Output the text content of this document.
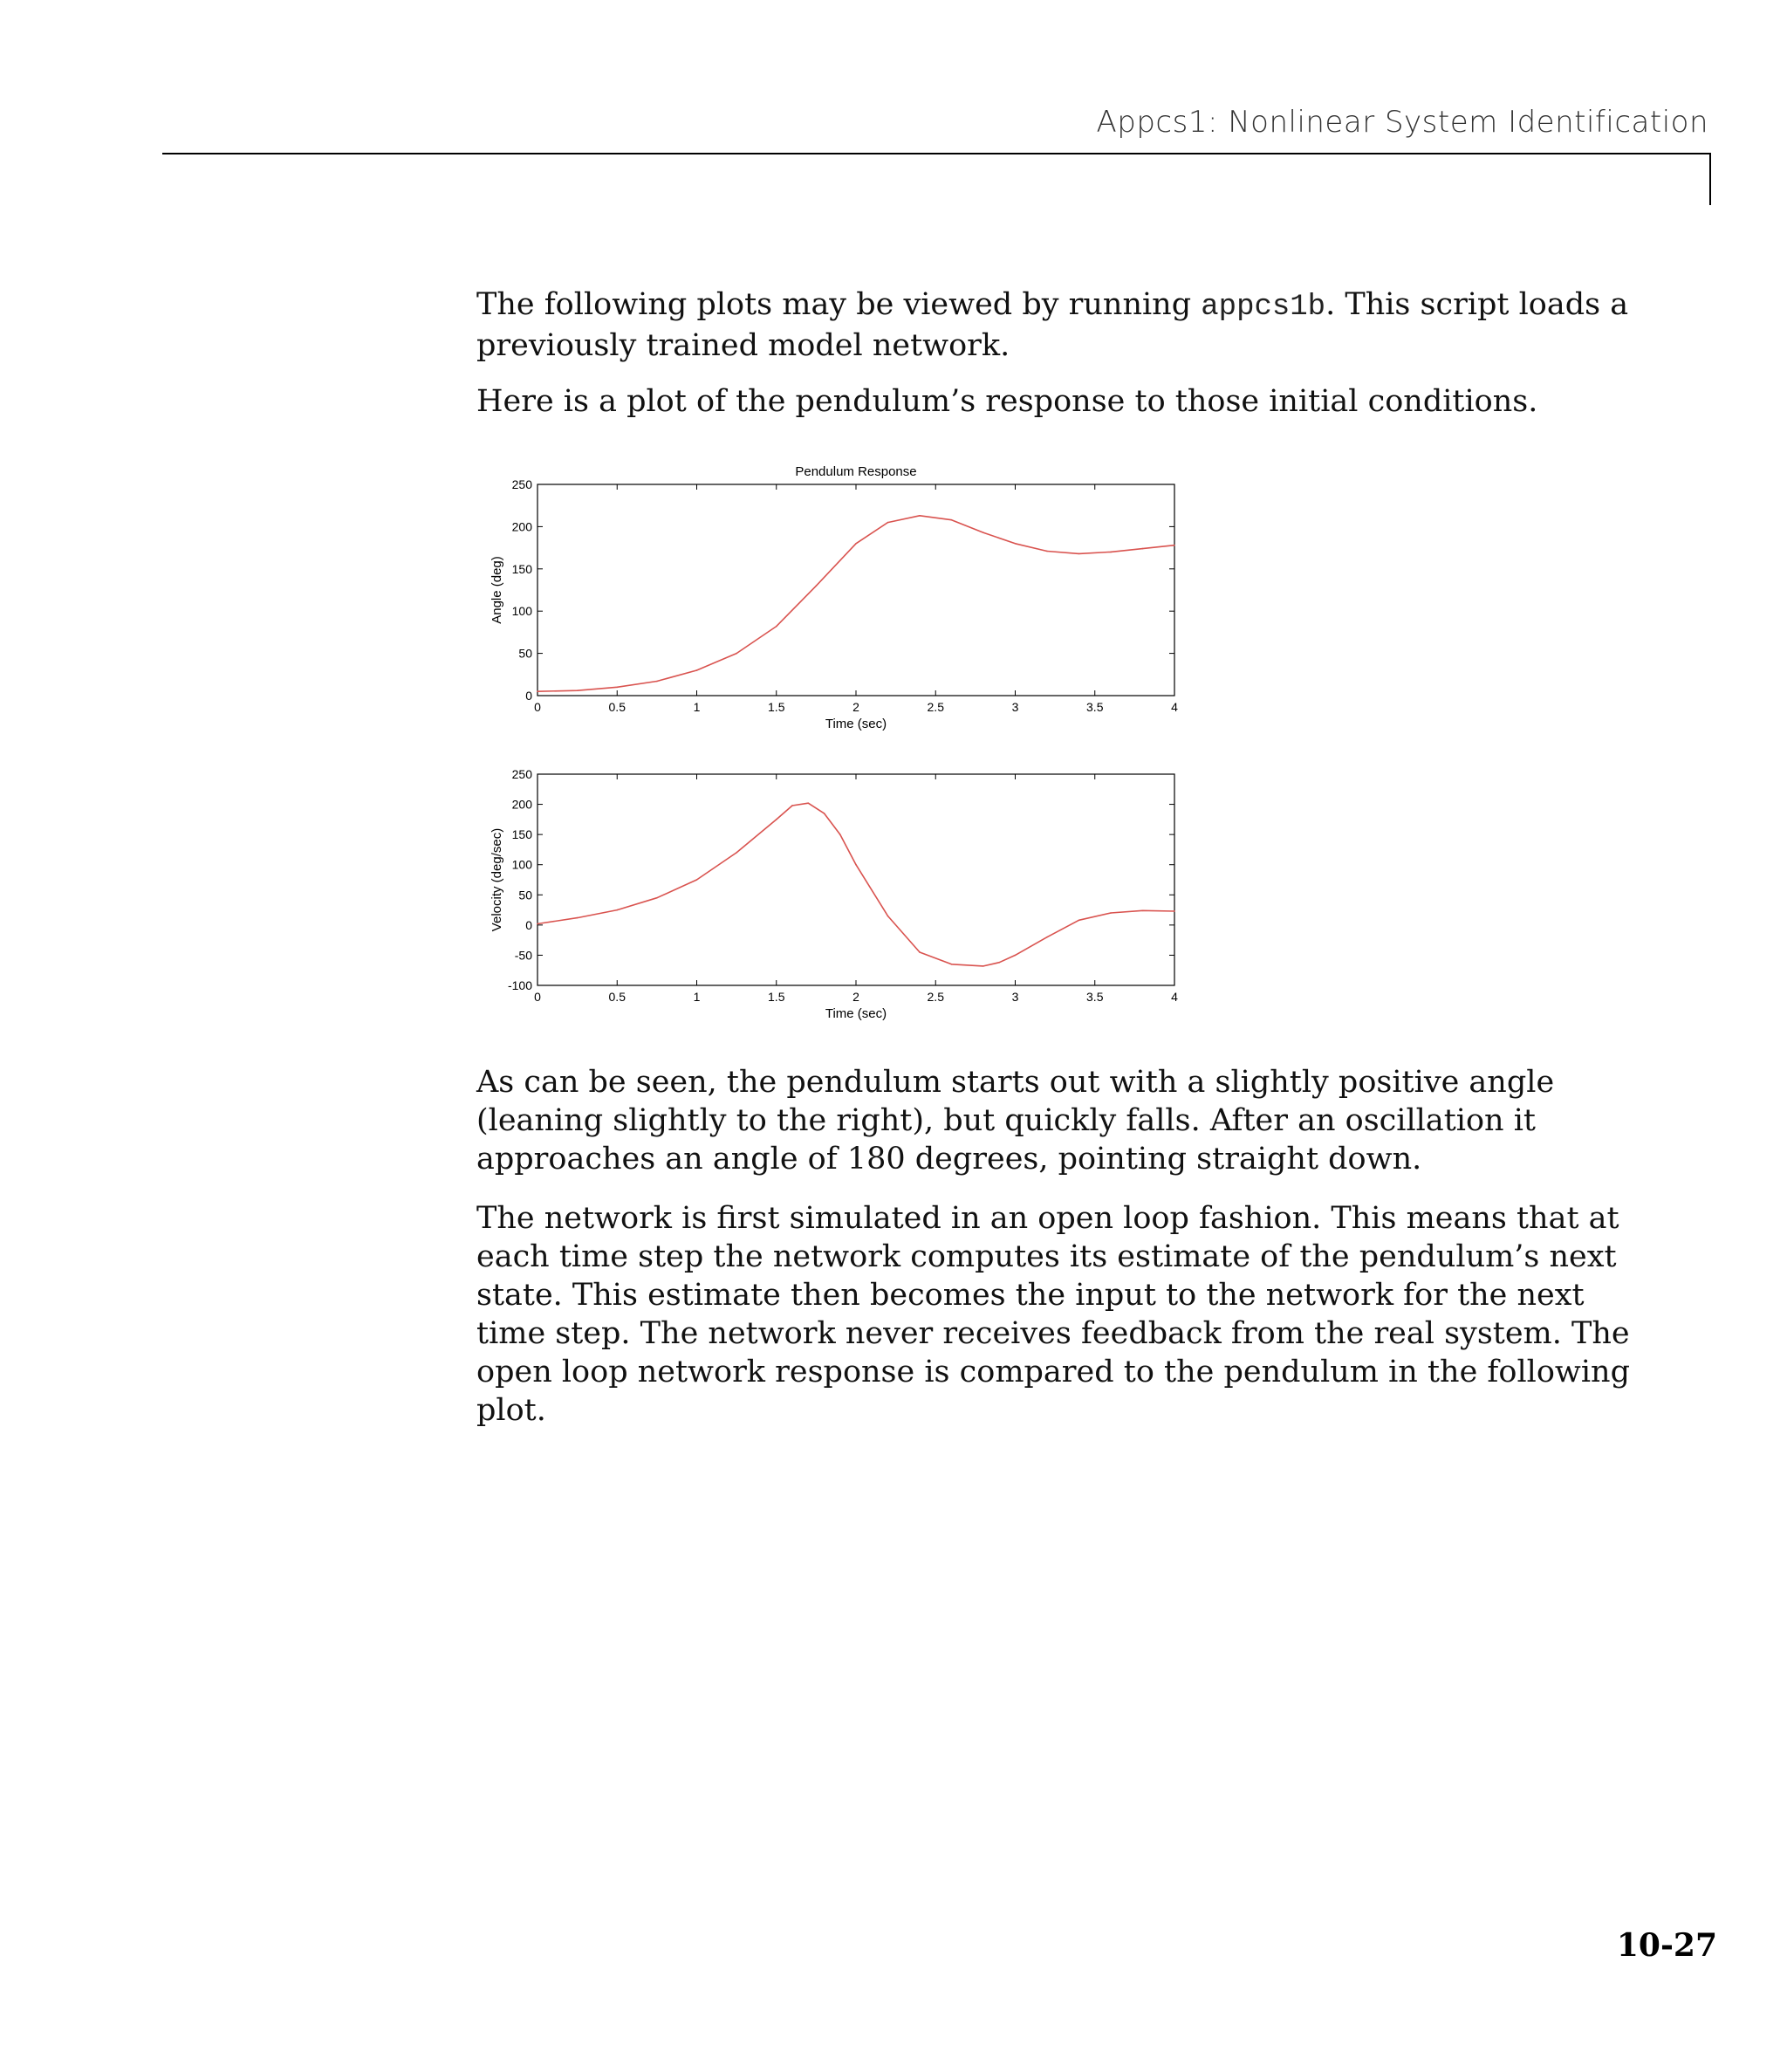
Appcs1: Nonlinear System Identification

The following plots may be viewed by running appcs1b. This script loads a previously trained model network.

Here is a plot of the pendulum’s response to those initial conditions.

Pendulum Response
0	0.5	1	1.5	2	2.5	3	3.5	4
0
50
100
150
200
250
Time (sec)
Angle (deg)
0	0.5	1	1.5	2	2.5	3	3.5	4
-100
-50
0
50
100
150
200
250
Time (sec)
Velocity (deg/sec)

As can be seen, the pendulum starts out with a slightly positive angle (leaning slightly to the right), but quickly falls. After an oscillation it approaches an angle of 180 degrees, pointing straight down.

The network is first simulated in an open loop fashion. This means that at each time step the network computes its estimate of the pendulum’s next state. This estimate then becomes the input to the network for the next time step. The network never receives feedback from the real system. The open loop network response is compared to the pendulum in the following plot.

10-27
